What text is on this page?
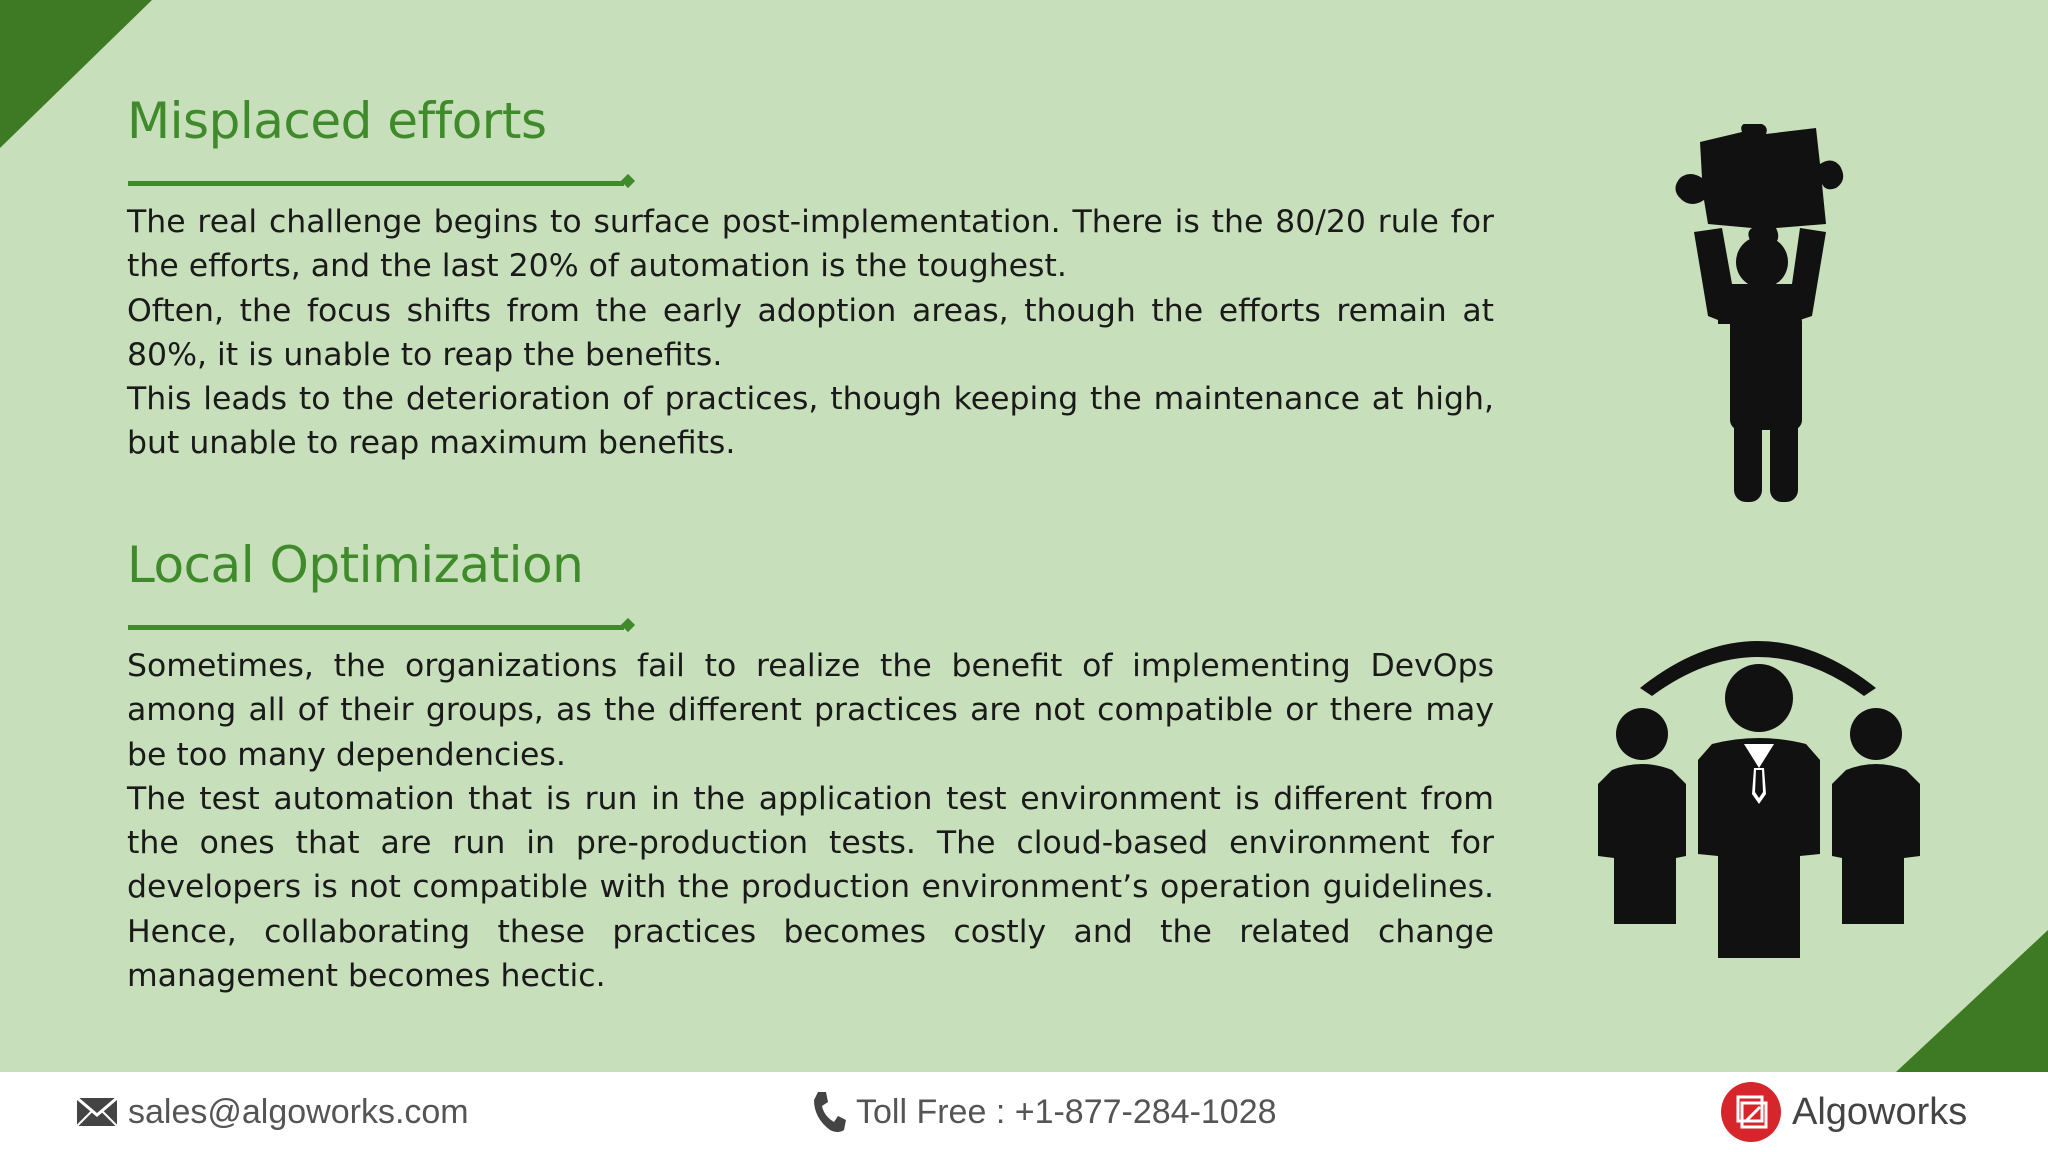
Misplaced efforts

The real challenge begins to surface post-implementation. There is the 80/20 rule for the efforts, and the last 20% of automation is the toughest.

Often, the focus shifts from the early adoption areas, though the efforts remain at 80%, it is unable to reap the benefits.

This leads to the deterioration of practices, though keeping the maintenance at high, but unable to reap maximum benefits.

Local Optimization

Sometimes, the organizations fail to realize the benefit of implementing DevOps among all of their groups, as the different practices are not compatible or there may be too many dependencies.

The test automation that is run in the application test environment is different from the ones that are run in pre-production tests. The cloud-based environment for developers is not compatible with the production environment’s operation guidelines. Hence, collaborating these practices becomes costly and the related change management becomes hectic.

sales@algoworks.com	Toll Free : +1-877-284-1028	Algoworks
